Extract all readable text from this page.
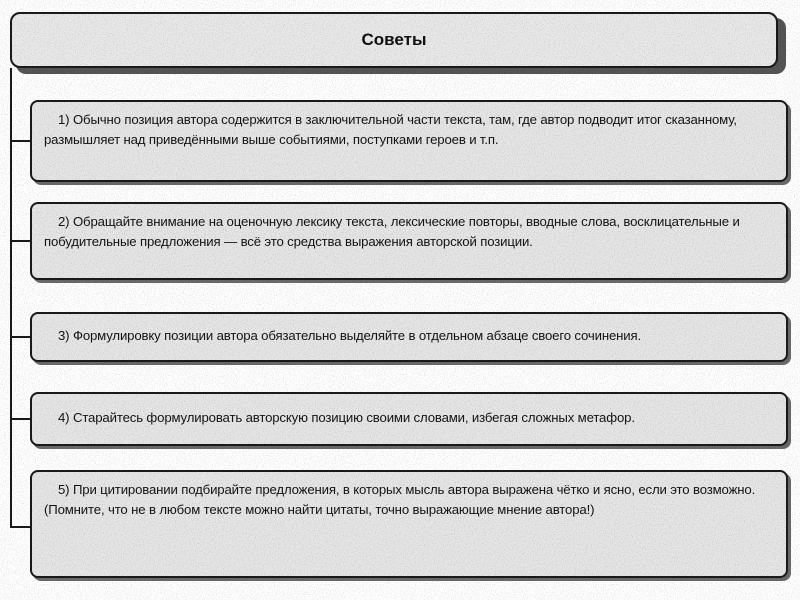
Советы
1) Обычно позиция автора содержится в заключительной части текста, там, где автор подводит итог сказанному, размышляет над приведёнными выше событиями, поступками героев и т.п.
2) Обращайте внимание на оценочную лексику текста, лексические повторы, вводные слова, восклицательные и побудительные предложения — всё это средства выражения авторской позиции.
3) Формулировку позиции автора обязательно выделяйте в отдельном абзаце своего сочинения.
4) Старайтесь формулировать авторскую позицию своими словами, избегая сложных метафор.
5) При цитировании подбирайте предложения, в которых мысль автора выражена чётко и ясно, если это возможно. (Помните, что не в любом тексте можно найти цитаты, точно выражающие мнение автора!)
